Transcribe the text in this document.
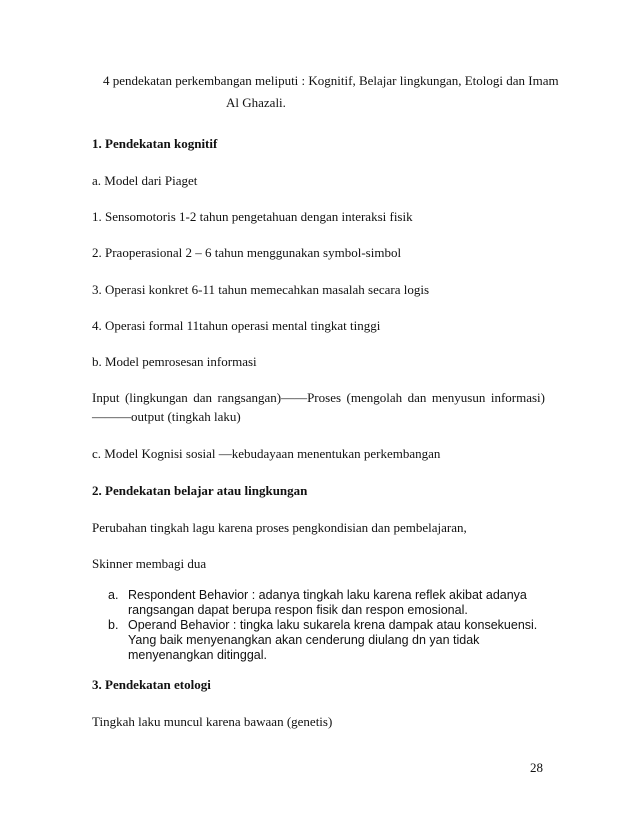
4 pendekatan perkembangan meliputi : Kognitif, Belajar lingkungan, Etologi dan Imam
Al Ghazali.
1. Pendekatan kognitif
a. Model dari Piaget
1. Sensomotoris 1-2 tahun pengetahuan dengan interaksi fisik
2. Praoperasional 2 – 6 tahun menggunakan symbol-simbol
3. Operasi konkret 6-11 tahun memecahkan masalah secara logis
4. Operasi formal 11tahun operasi mental tingkat tinggi
b. Model pemrosesan informasi
Input (lingkungan dan rangsangan)——Proses (mengolah dan menyusun informasi)
———output (tingkah laku)
c. Model Kognisi sosial —kebudayaan menentukan perkembangan
2. Pendekatan belajar atau lingkungan
Perubahan tingkah lagu karena proses pengkondisian dan pembelajaran,
Skinner membagi dua
a. Respondent Behavior : adanya tingkah laku karena reflek akibat adanya rangsangan dapat berupa respon fisik dan respon emosional.
b. Operand Behavior : tingka laku sukarela krena dampak atau konsekuensi. Yang baik menyenangkan akan cenderung diulang dn yan tidak menyenangkan ditinggal.
3. Pendekatan etologi
Tingkah laku muncul karena bawaan (genetis)
28
